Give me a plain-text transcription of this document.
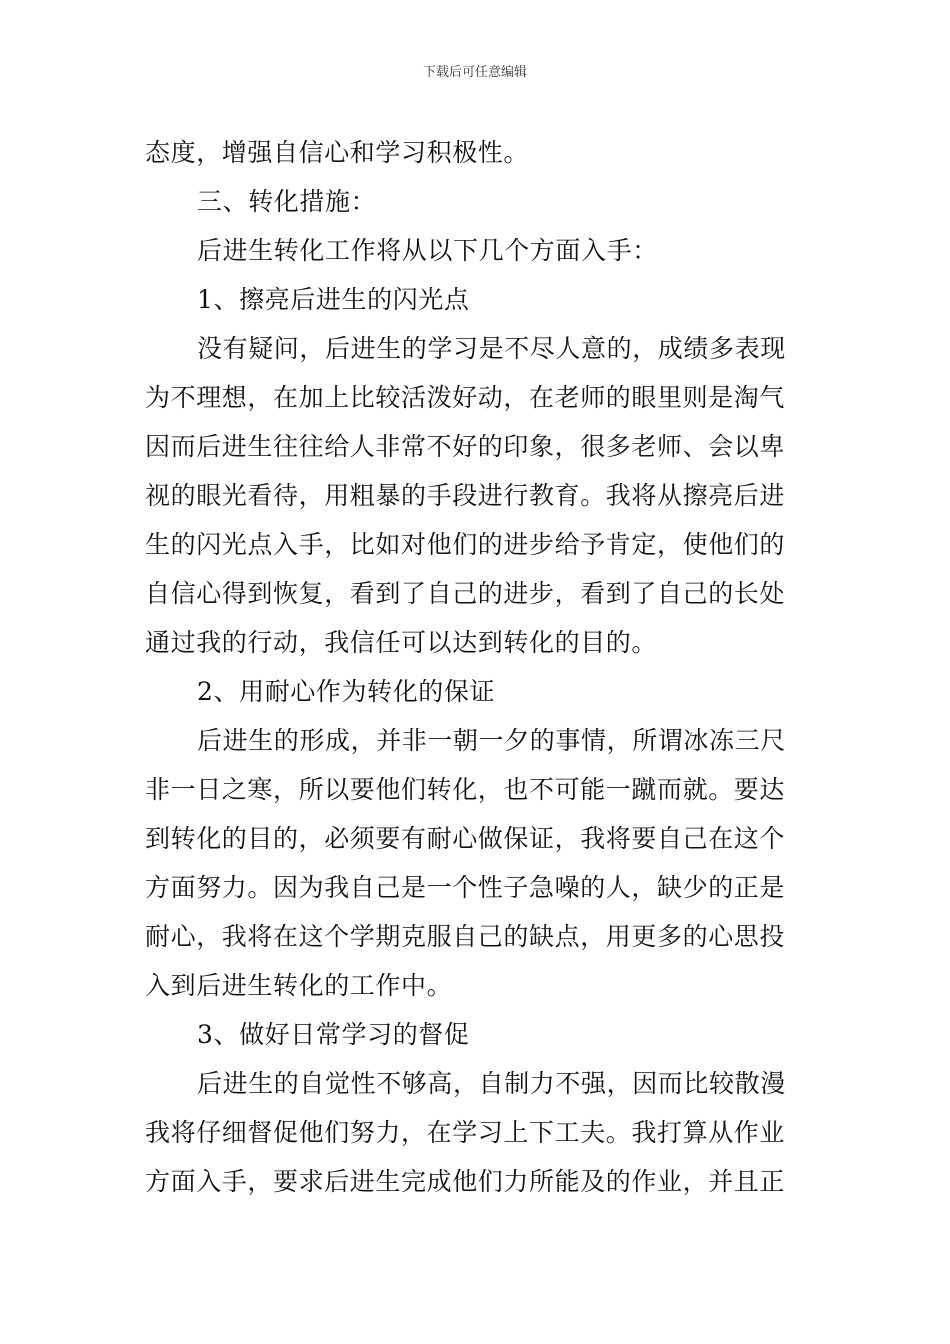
下载后可任意编辑
态度，增强自信心和学习积极性。
三、转化措施：
后进生转化工作将从以下几个方面入手：
1、擦亮后进生的闪光点
没有疑问，后进生的学习是不尽人意的，成绩多表现
为不理想，在加上比较活泼好动，在老师的眼里则是淘气
因而后进生往往给人非常不好的印象，很多老师、会以卑
视的眼光看待，用粗暴的手段进行教育。我将从擦亮后进
生的闪光点入手，比如对他们的进步给予肯定，使他们的
自信心得到恢复，看到了自己的进步，看到了自己的长处
通过我的行动，我信任可以达到转化的目的。
2、用耐心作为转化的保证
后进生的形成，并非一朝一夕的事情，所谓冰冻三尺
非一日之寒，所以要他们转化，也不可能一蹴而就。要达
到转化的目的，必须要有耐心做保证，我将要自己在这个
方面努力。因为我自己是一个性子急噪的人，缺少的正是
耐心，我将在这个学期克服自己的缺点，用更多的心思投
入到后进生转化的工作中。
3、做好日常学习的督促
后进生的自觉性不够高，自制力不强，因而比较散漫
我将仔细督促他们努力，在学习上下工夫。我打算从作业
方面入手，要求后进生完成他们力所能及的作业，并且正
